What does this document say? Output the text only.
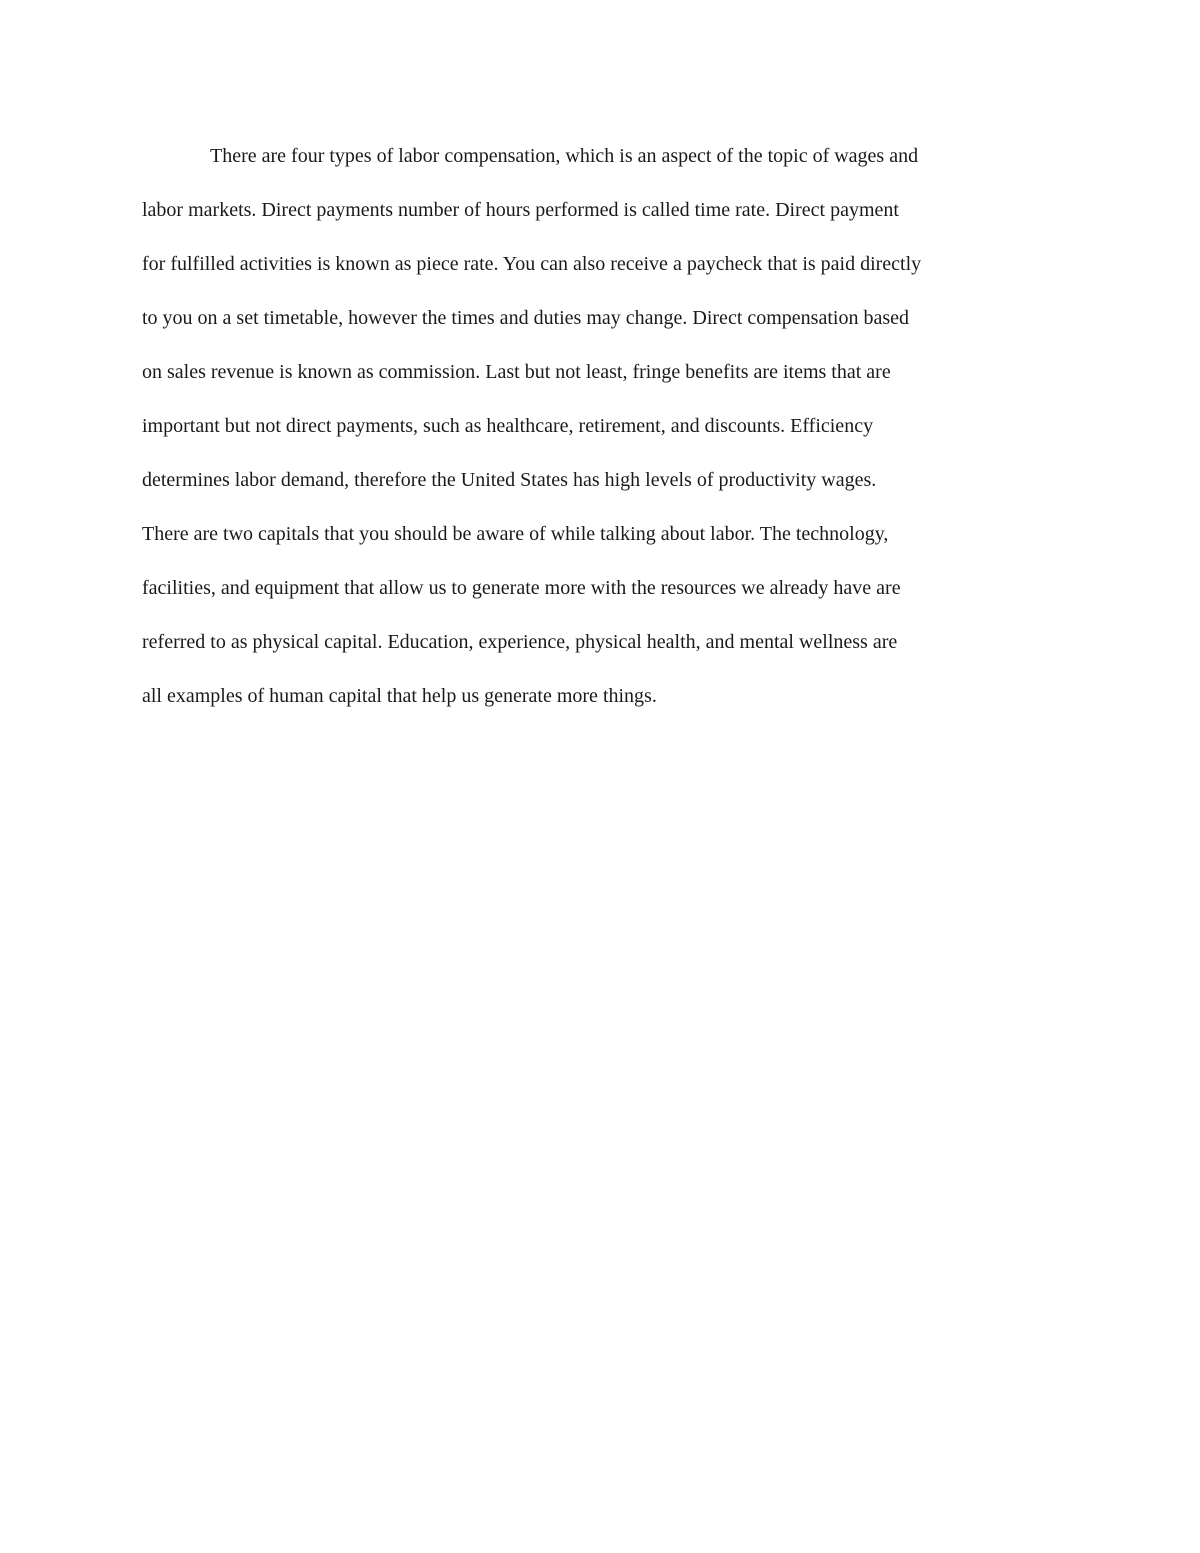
There are four types of labor compensation, which is an aspect of the topic of wages and
labor markets. Direct payments number of hours performed is called time rate. Direct payment
for fulfilled activities is known as piece rate. You can also receive a paycheck that is paid directly
to you on a set timetable, however the times and duties may change. Direct compensation based
on sales revenue is known as commission. Last but not least, fringe benefits are items that are
important but not direct payments, such as healthcare, retirement, and discounts. Efficiency
determines labor demand, therefore the United States has high levels of productivity wages.
There are two capitals that you should be aware of while talking about labor. The technology,
facilities, and equipment that allow us to generate more with the resources we already have are
referred to as physical capital. Education, experience, physical health, and mental wellness are
all examples of human capital that help us generate more things.
